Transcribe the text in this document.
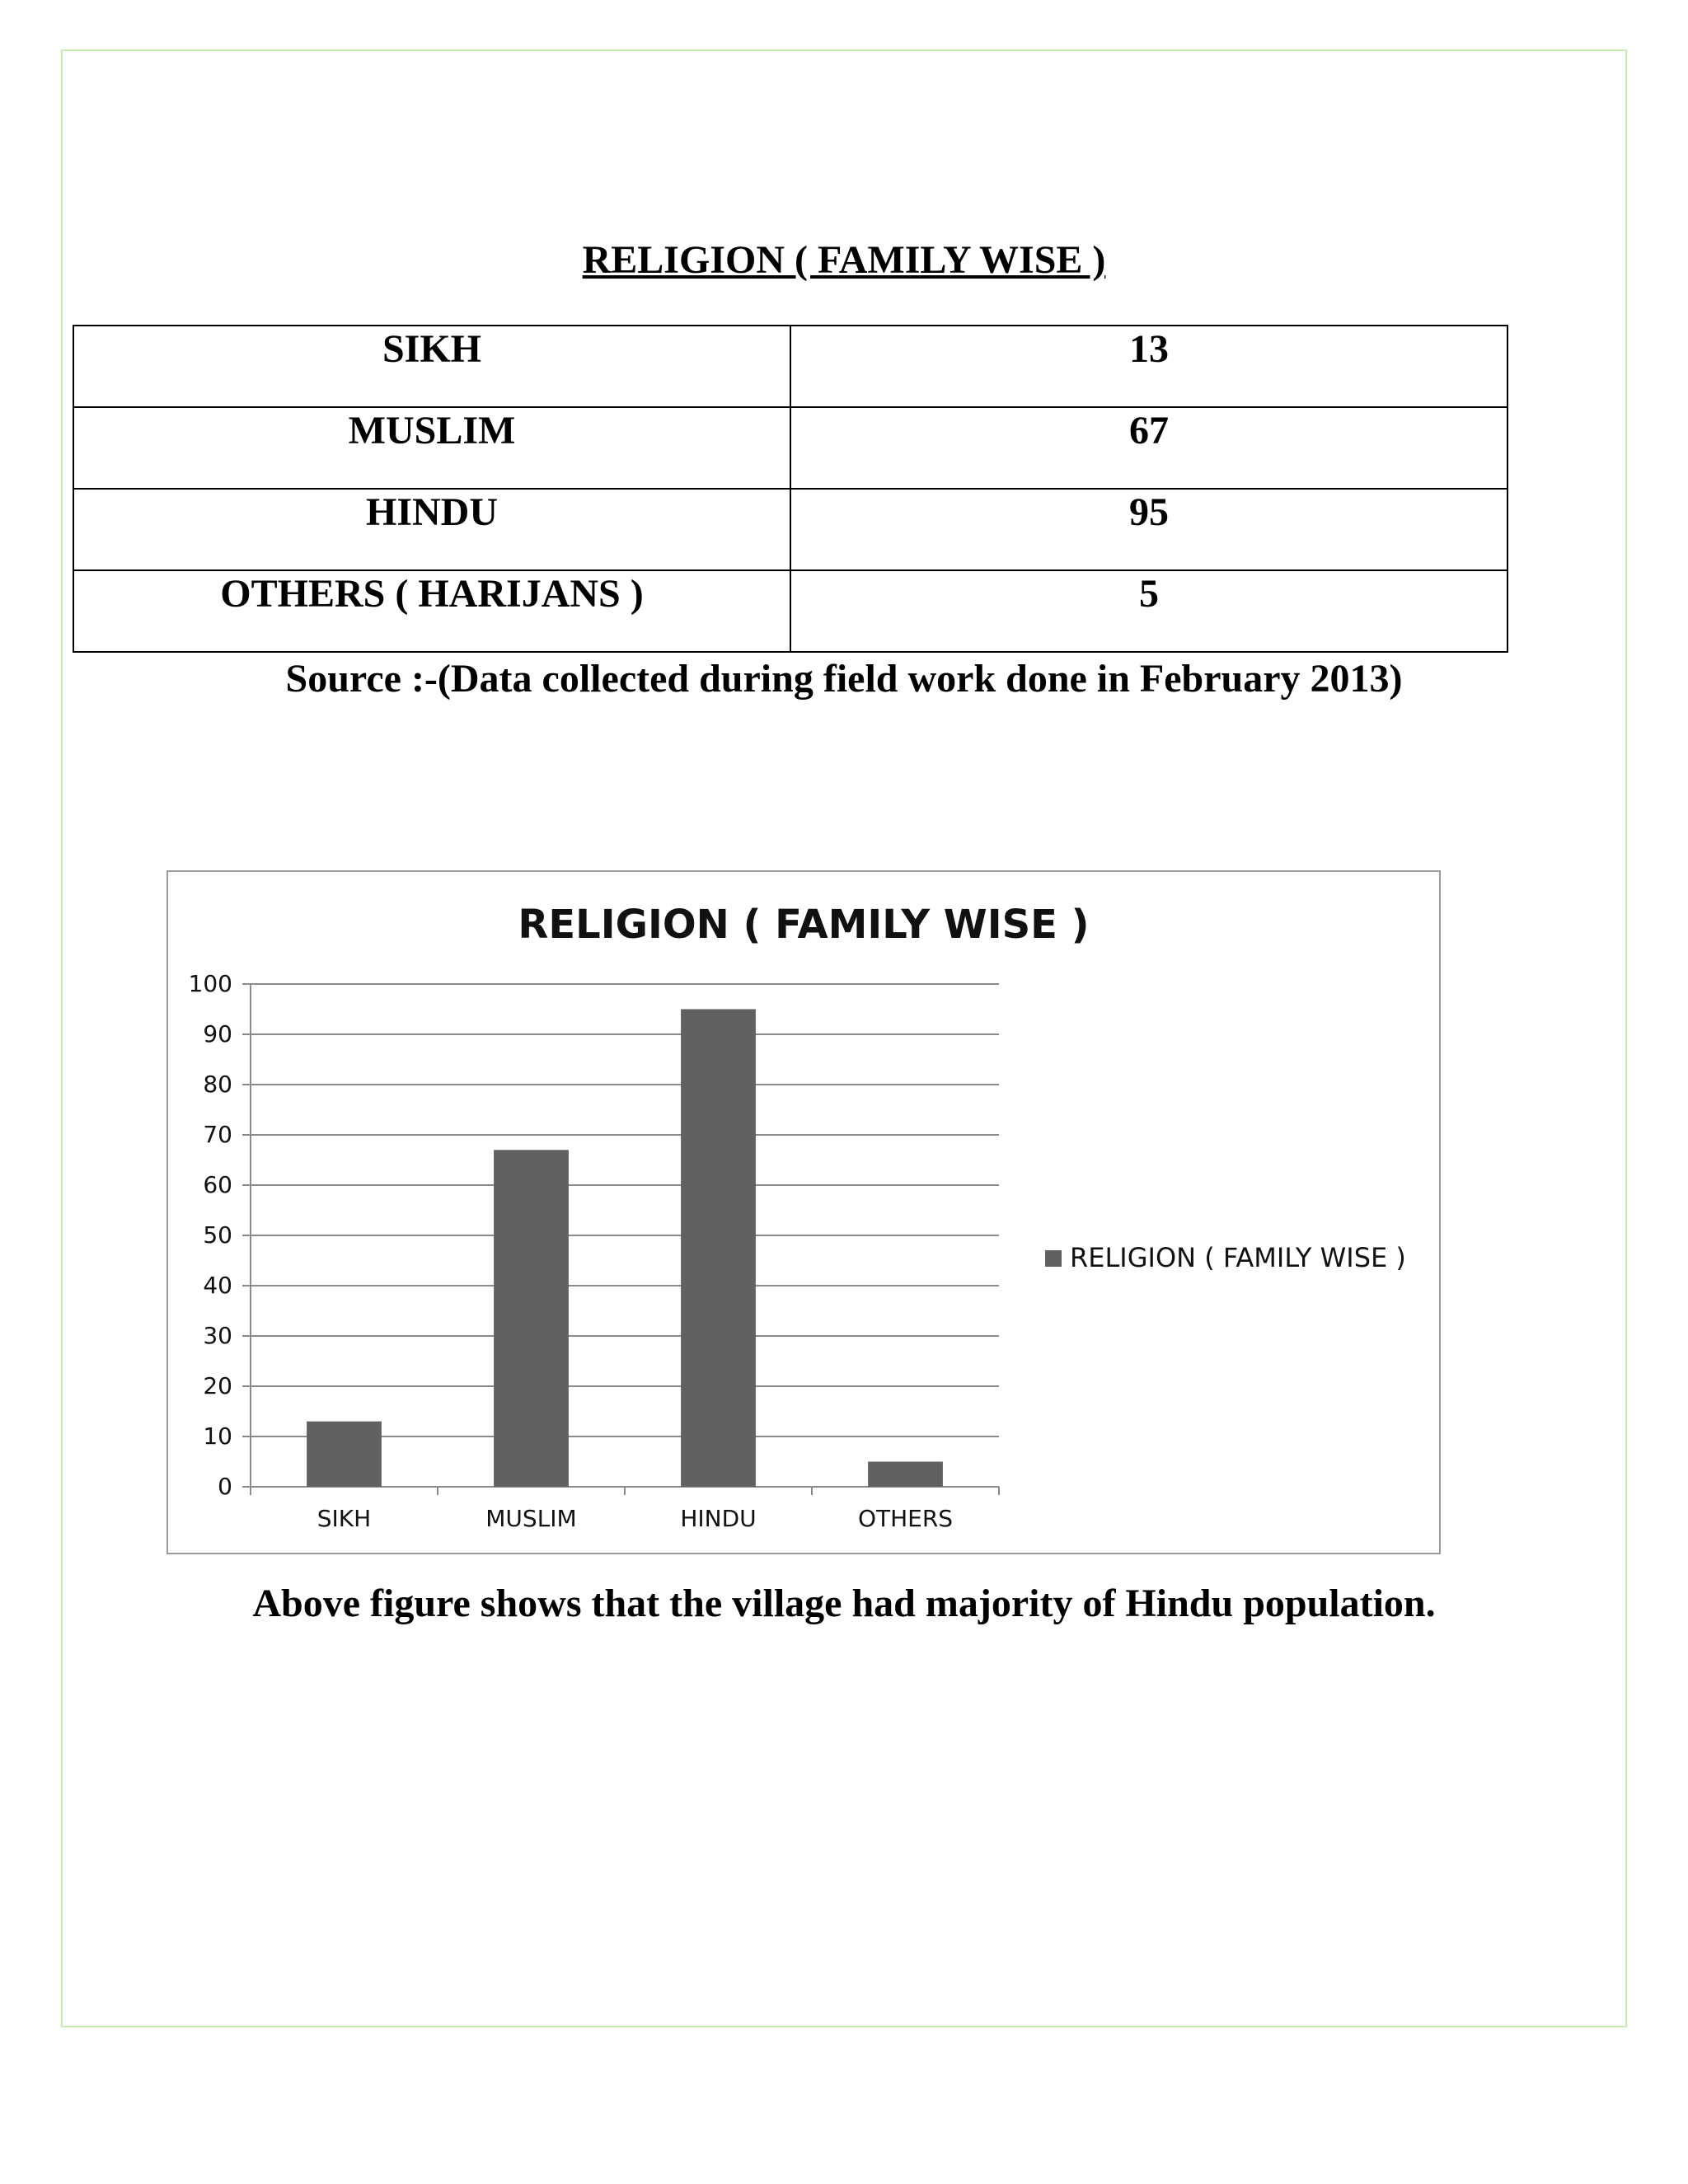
RELIGION ( FAMILY WISE )
SIKH	13
MUSLIM	67
HINDU	95
OTHERS ( HARIJANS )	5
Source :-(Data collected during field work done in February 2013)
RELIGION ( FAMILY WISE )
0
10
20
30
40
50
60
70
80
90
100
SIKH	MUSLIM	HINDU	OTHERS
RELIGION ( FAMILY WISE )
Above figure shows that the village had majority of Hindu population.
